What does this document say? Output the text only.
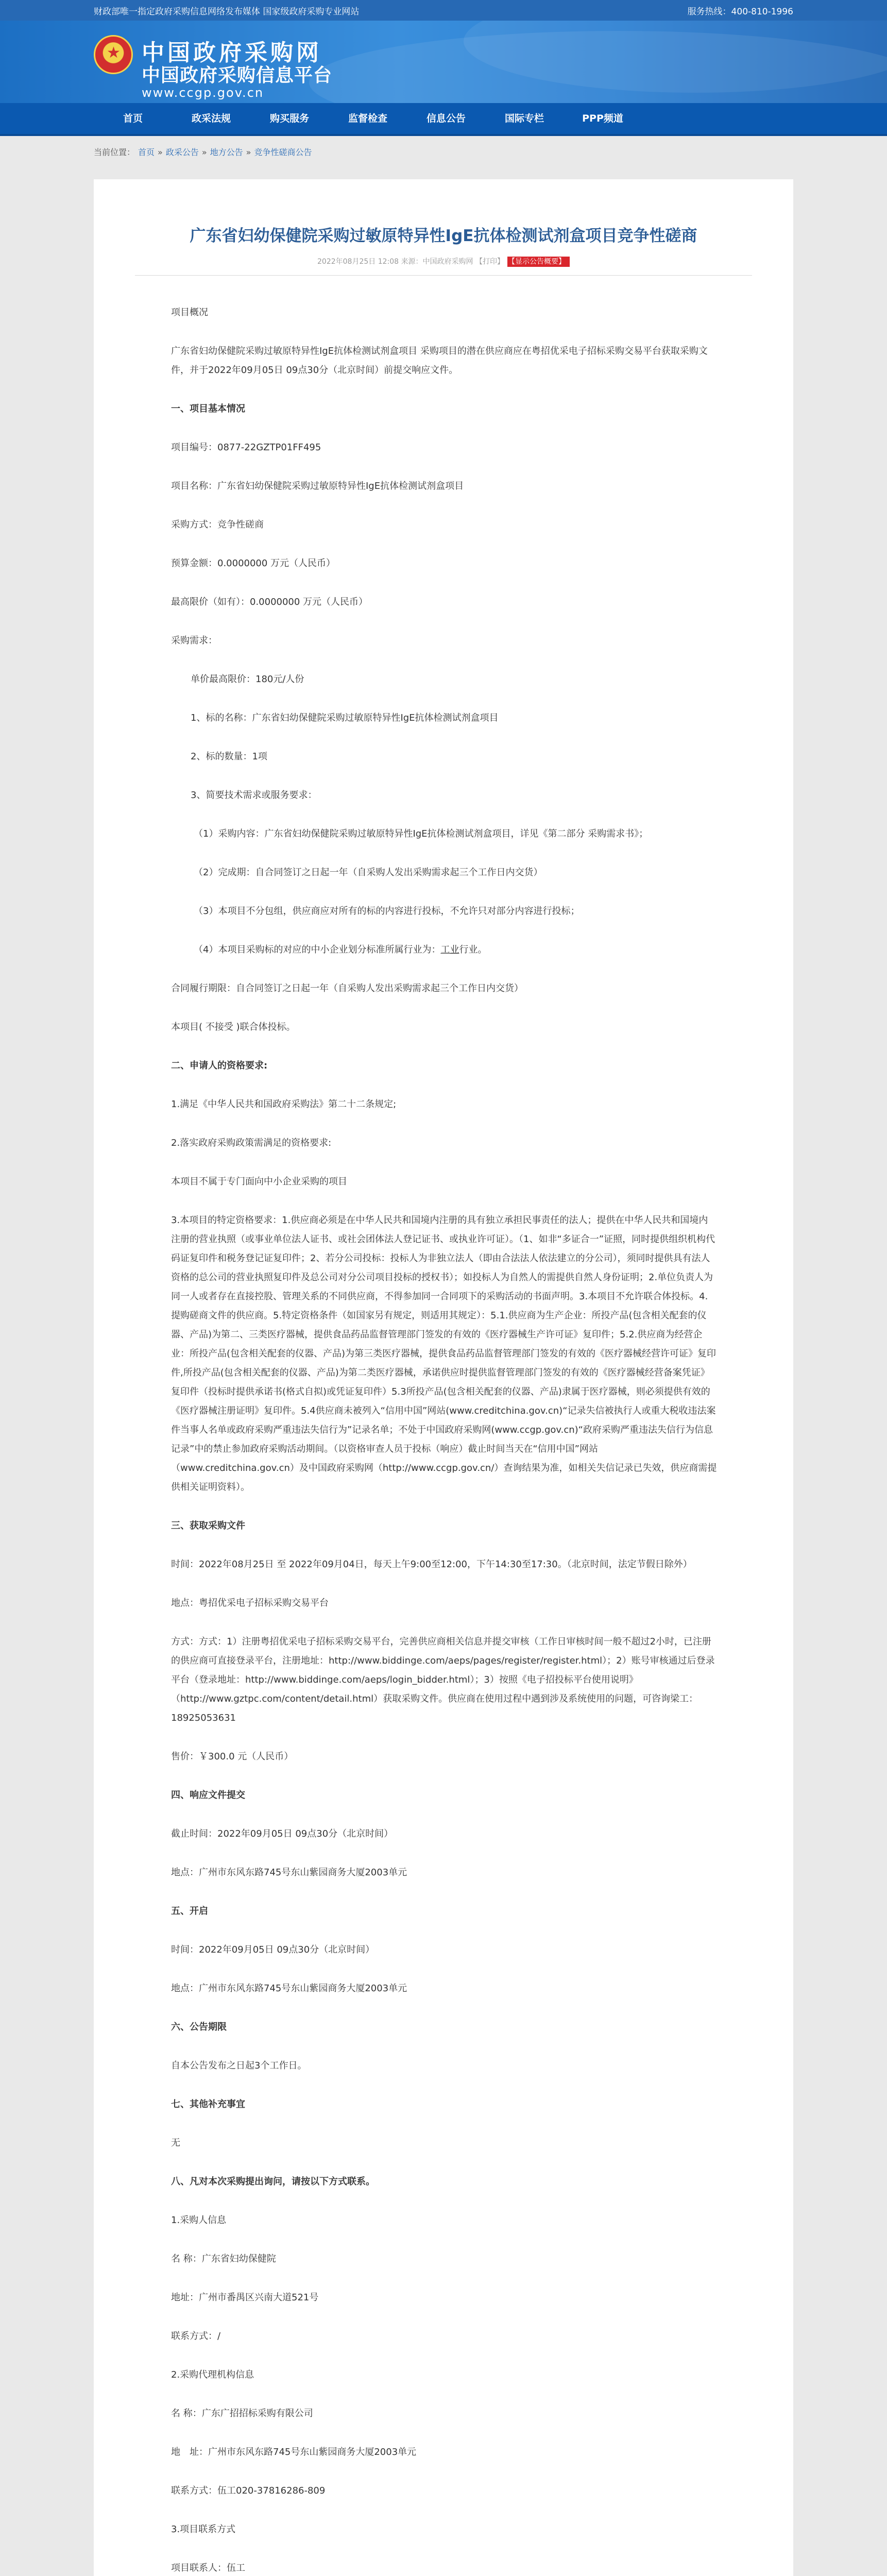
财政部唯一指定政府采购信息网络发布媒体 国家级政府采购专业网站	服务热线：400-810-1996
★
中国政府采购网
中国政府采购信息平台
www.ccgp.gov.cn
首页	政采法规	购买服务	监督检查	信息公告	国际专栏	PPP频道
当前位置： 首页 » 政采公告 » 地方公告 » 竞争性磋商公告
广东省妇幼保健院采购过敏原特异性IgE抗体检测试剂盒项目竞争性磋商
2022年08月25日 12:08 来源：中国政府采购网 【打印】 【显示公告概要】
项目概况
广东省妇幼保健院采购过敏原特异性IgE抗体检测试剂盒项目 采购项目的潜在供应商应在粤招优采电子招标采购交易平台获取采购文件，并于2022年09月05日 09点30分（北京时间）前提交响应文件。
一、项目基本情况
项目编号：0877-22GZTP01FF495
项目名称：广东省妇幼保健院采购过敏原特异性IgE抗体检测试剂盒项目
采购方式：竞争性磋商
预算金额：0.0000000 万元（人民币）
最高限价（如有）：0.0000000 万元（人民币）
采购需求：
单价最高限价：180元/人份
1、标的名称：广东省妇幼保健院采购过敏原特异性IgE抗体检测试剂盒项目
2、标的数量：1项
3、简要技术需求或服务要求：
（1）采购内容：广东省妇幼保健院采购过敏原特异性IgE抗体检测试剂盒项目，详见《第二部分 采购需求书》；
（2）完成期：自合同签订之日起一年（自采购人发出采购需求起三个工作日内交货）
（3）本项目不分包组，供应商应对所有的标的内容进行投标，不允许只对部分内容进行投标；
（4）本项目采购标的对应的中小企业划分标准所属行业为：工业行业。
合同履行期限：自合同签订之日起一年（自采购人发出采购需求起三个工作日内交货）
本项目( 不接受 )联合体投标。
二、申请人的资格要求:
1.满足《中华人民共和国政府采购法》第二十二条规定;
2.落实政府采购政策需满足的资格要求:
本项目不属于专门面向中小企业采购的项目
3.本项目的特定资格要求：1.供应商必须是在中华人民共和国境内注册的具有独立承担民事责任的法人；提供在中华人民共和国境内注册的营业执照（或事业单位法人证书、或社会团体法人登记证书、或执业许可证）。（1、如非“多证合一”证照，同时提供组织机构代码证复印件和税务登记证复印件；2、若分公司投标：投标人为非独立法人（即由合法法人依法建立的分公司），须同时提供具有法人资格的总公司的营业执照复印件及总公司对分公司项目投标的授权书）；如投标人为自然人的需提供自然人身份证明；2.单位负责人为同一人或者存在直接控股、管理关系的不同供应商，不得参加同一合同项下的采购活动的书面声明。3.本项目不允许联合体投标。4.提购磋商文件的供应商。5.特定资格条件（如国家另有规定，则适用其规定）：5.1.供应商为生产企业：所投产品(包含相关配套的仪器、产品)为第二、三类医疗器械，提供食品药品监督管理部门签发的有效的《医疗器械生产许可证》复印件；5.2.供应商为经营企业：所投产品(包含相关配套的仪器、产品)为第三类医疗器械，提供食品药品监督管理部门签发的有效的《医疗器械经营许可证》复印件,所投产品(包含相关配套的仪器、产品)为第二类医疗器械，承诺供应时提供监督管理部门签发的有效的《医疗器械经营备案凭证》复印件（投标时提供承诺书(格式自拟)或凭证复印件）5.3所投产品(包含相关配套的仪器、产品)隶属于医疗器械，则必须提供有效的《医疗器械注册证明》复印件。5.4供应商未被列入“信用中国”网站(www.creditchina.gov.cn)“记录失信被执行人或重大税收违法案件当事人名单或政府采购严重违法失信行为”记录名单；不处于中国政府采购网(www.ccgp.gov.cn)“政府采购严重违法失信行为信息记录”中的禁止参加政府采购活动期间。（以资格审查人员于投标（响应）截止时间当天在“信用中国”网站（www.creditchina.gov.cn）及中国政府采购网（http://www.ccgp.gov.cn/）查询结果为准，如相关失信记录已失效，供应商需提供相关证明资料）。
三、获取采购文件
时间：2022年08月25日 至 2022年09月04日，每天上午9:00至12:00，下午14:30至17:30。（北京时间，法定节假日除外）
地点：粤招优采电子招标采购交易平台
方式：方式：1）注册粤招优采电子招标采购交易平台，完善供应商相关信息并提交审核（工作日审核时间一般不超过2小时，已注册的供应商可直接登录平台，注册地址：http://www.biddinge.com/aeps/pages/register/register.html）；2）账号审核通过后登录平台（登录地址：http://www.biddinge.com/aeps/login_bidder.html）；3）按照《电子招投标平台使用说明》（http://www.gztpc.com/content/detail.html）获取采购文件。供应商在使用过程中遇到涉及系统使用的问题，可咨询梁工：18925053631
售价：￥300.0 元（人民币）
四、响应文件提交
截止时间：2022年09月05日 09点30分（北京时间）
地点：广州市东风东路745号东山紫园商务大厦2003单元
五、开启
时间：2022年09月05日 09点30分（北京时间）
地点：广州市东风东路745号东山紫园商务大厦2003单元
六、公告期限
自本公告发布之日起3个工作日。
七、其他补充事宜
无
八、凡对本次采购提出询问，请按以下方式联系。
1.采购人信息
名 称：广东省妇幼保健院
地址：广州市番禺区兴南大道521号
联系方式：/
2.采购代理机构信息
名 称：广东广招招标采购有限公司
地　址：广州市东风东路745号东山紫园商务大厦2003单元
联系方式：伍工020-37816286-809
3.项目联系方式
项目联系人：伍工
